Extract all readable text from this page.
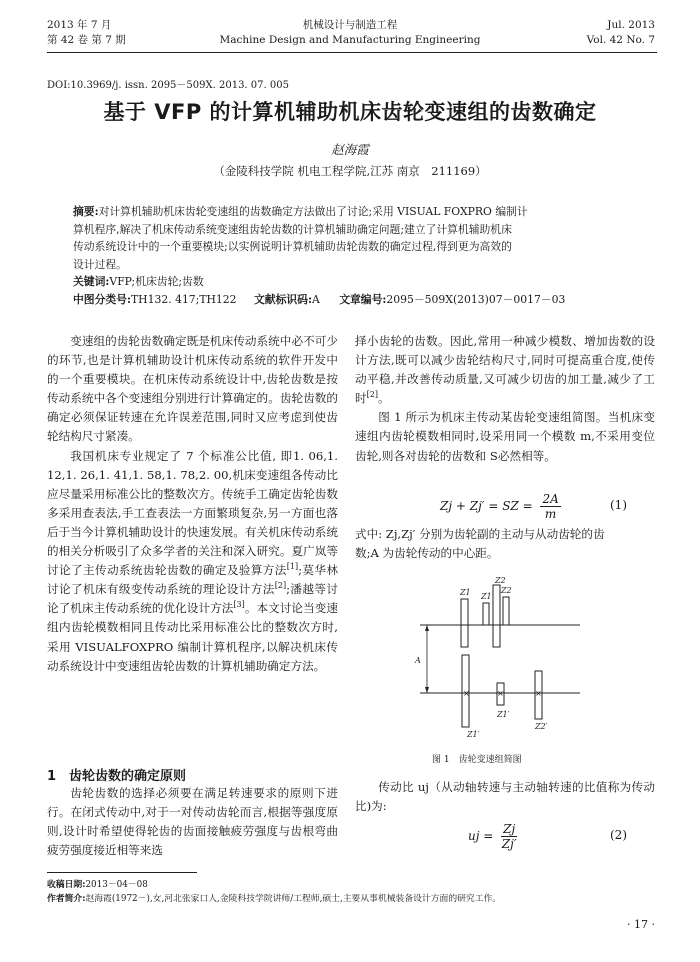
2013 年 7 月
第 42 卷 第 7 期
机械设计与制造工程
Machine Design and Manufacturing Engineering
Jul. 2013
Vol. 42 No. 7
DOI:10.3969/j. issn. 2095－509X. 2013. 07. 005
基于 VFP 的计算机辅助机床齿轮变速组的齿数确定
赵海霞
（金陵科技学院 机电工程学院,江苏 南京　211169）
摘要:对计算机辅助机床齿轮变速组的齿数确定方法做出了讨论;采用 VISUAL FOXPRO 编制计
算机程序,解决了机床传动系统变速组齿轮齿数的计算机辅助确定问题;建立了计算机辅助机床
传动系统设计中的一个重要模块;以实例说明计算机辅助齿轮齿数的确定过程,得到更为高效的
设计过程。
关键词:VFP;机床齿轮;齿数
中图分类号:TH132. 417;TH122 文献标识码:A 文章编号:2095－509X(2013)07－0017－03

变速组的齿轮齿数确定既是机床传动系统中必不可少的环节,也是计算机辅助设计机床传动系统的软件开发中的一个重要模块。在机床传动系统设计中,齿轮齿数是按传动系统中各个变速组分别进行计算确定的。齿轮齿数的确定必须保证转速在允许误差范围,同时又应考虑到使齿轮结构尺寸紧凑。

我国机床专业规定了 7 个标准公比值, 即1. 06,1. 12,1. 26,1. 41,1. 58,1. 78,2. 00,机床变速组各传动比应尽量采用标准公比的整数次方。传统手工确定齿轮齿数多采用查表法,手工查表法一方面繁琐复杂,另一方面也落后于当今计算机辅助设计的快速发展。有关机床传动系统的相关分析吸引了众多学者的关注和深入研究。夏广岚等讨论了主传动系统齿轮齿数的确定及验算方法[1];莫华林讨论了机床有级变传动系统的理论设计方法[2];潘越等讨论了机床主传动系统的优化设计方法[3]。本文讨论当变速组内齿轮模数相同且传动比采用标准公比的整数次方时,采用 VISUALFOXPRO 编制计算机程序,以解决机床传动系统设计中变速组齿轮齿数的计算机辅助确定方法。

1　齿轮齿数的确定原则

齿轮齿数的选择必须要在满足转速要求的原则下进行。在闭式传动中,对于一对传动齿轮而言,根据等强度原则,设计时希望使得轮齿的齿面接触疲劳强度与齿根弯曲疲劳强度接近相等来选

择小齿轮的齿数。因此,常用一种减少模数、增加齿数的设计方法,既可以减少齿轮结构尺寸,同时可提高重合度,使传动平稳,并改善传动质量,又可减少切齿的加工量,减少了工时[2]。

图 1 所示为机床主传动某齿轮变速组简图。当机床变速组内齿轮模数相同时,设采用同一个模数 m,不采用变位齿轮,则各对齿轮的齿数和 S必然相等。

Zj + Zj′ = SZ = $\frac{2A}{m}$	(1)
式中: Zj,Zj′ 分别为齿轮副的主动与从动齿轮的齿
数;A 为齿轮传动的中心距。
A
Z1
Z2
Z1
Z2
Z1′
Z1′
Z2′
×	×	×
图 1　齿轮变速组简图

传动比 uj（从动轴转速与主动轴转速的比值称为传动比)为:

uj = $\frac{Zj}{Zj'}$	(2)
收稿日期:2013－04－08
作者简介:赵海霞(1972－),女,河北张家口人,金陵科技学院讲师/工程师,硕士,主要从事机械装备设计方面的研究工作。
· 17 ·
